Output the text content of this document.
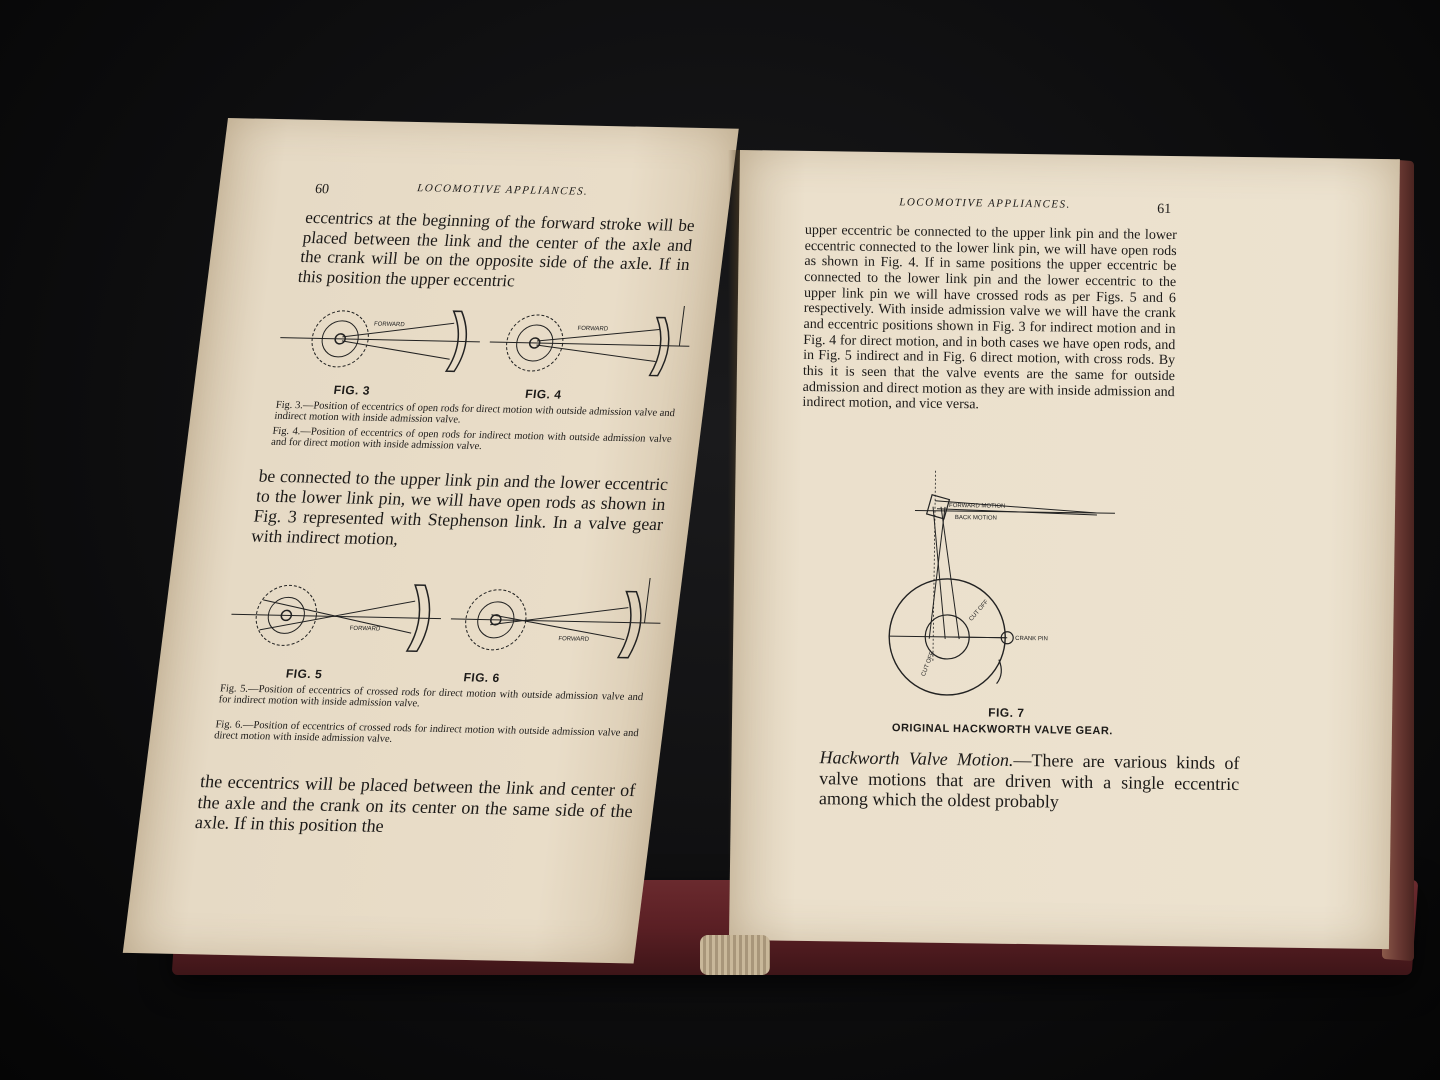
60	LOCOMOTIVE APPLIANCES.
eccentrics at the beginning of the forward stroke will be placed between the link and the center of the axle and the crank will be on the opposite side of the axle. If in this position the upper eccentric
FORWARD
FORWARD
FIG. 3	FIG. 4
Fig. 3.—Position of eccentrics of open rods for direct motion with outside admission valve and indirect motion with inside admission valve.
Fig. 4.—Position of eccentrics of open rods for indirect motion with outside admission valve and for direct motion with inside admission valve.
be connected to the upper link pin and the lower eccentric to the lower link pin, we will have open rods as shown in Fig. 3 represented with Stephenson link. In a valve gear with indirect motion,
FORWARD
FORWARD
FIG. 5	FIG. 6
Fig. 5.—Position of eccentrics of crossed rods for direct motion with outside admission valve and for indirect motion with inside admission valve.
Fig. 6.—Position of eccentrics of crossed rods for indirect motion with outside admission valve and direct motion with inside admission valve.
the eccentrics will be placed between the link and center of the axle and the crank on its center on the same side of the axle. If in this position the
LOCOMOTIVE APPLIANCES.	61
upper eccentric be connected to the upper link pin and the lower eccentric connected to the lower link pin, we will have open rods as shown in Fig. 4. If in same positions the upper eccentric be connected to the lower link pin and the lower eccentric to the upper link pin we will have crossed rods as per Figs. 5 and 6 respectively. With inside admission valve we will have the crank and eccentric positions shown in Fig. 3 for indirect motion and in Fig. 4 for direct motion, and in both cases we have open rods, and in Fig. 5 indirect and in Fig. 6 direct motion, with cross rods. By this it is seen that the valve events are the same for outside admission and direct motion as they are with inside admission and indirect motion, and vice versa.
FORWARD MOTION
BACK MOTION
CUT OFF
CUT OFF
CRANK PIN
FIG. 7
ORIGINAL HACKWORTH VALVE GEAR.
Hackworth Valve Motion.—There are various kinds of valve motions that are driven with a single eccentric among which the oldest probably
